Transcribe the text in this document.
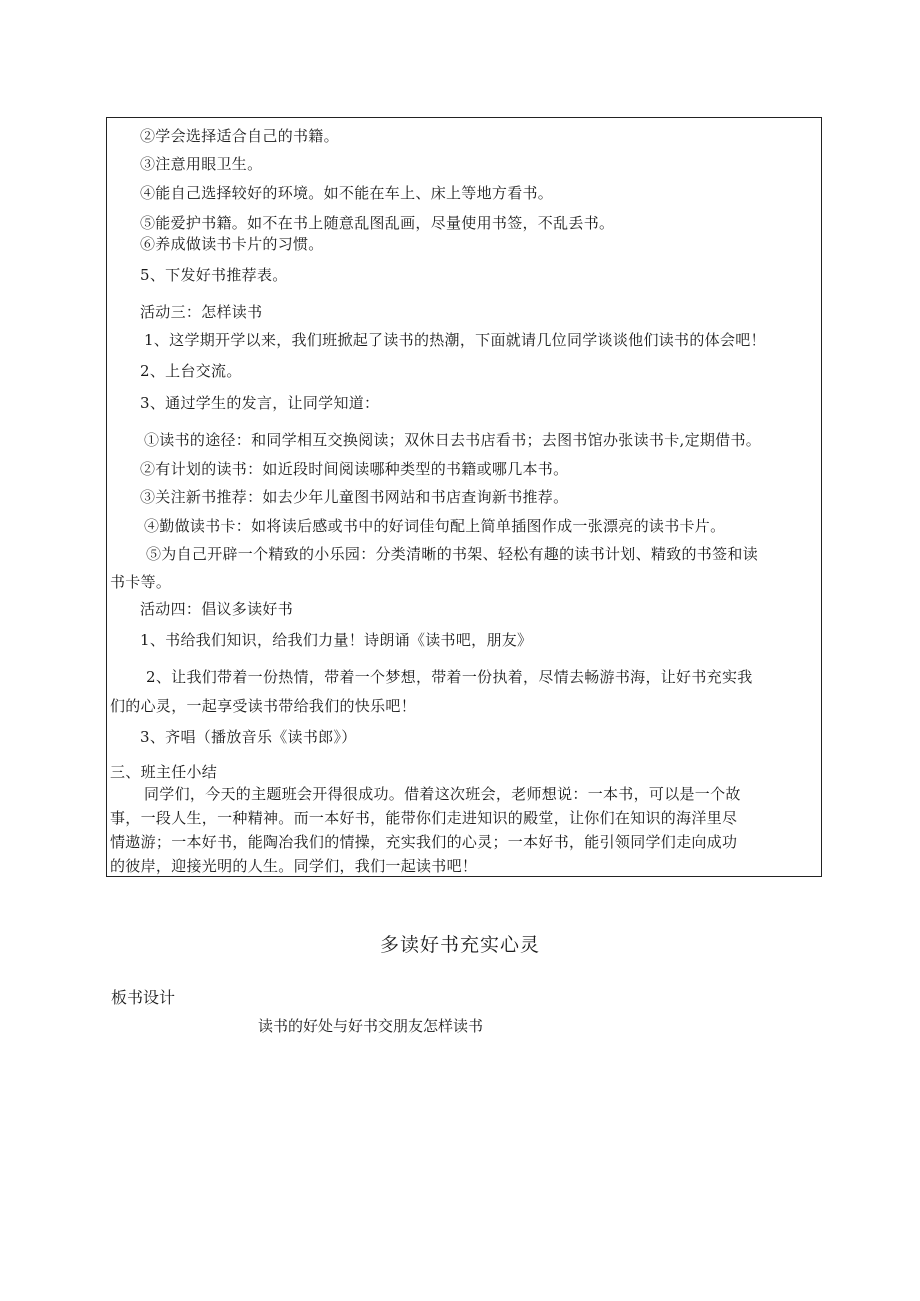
②学会选择适合自己的书籍。
③注意用眼卫生。
④能自己选择较好的环境。如不能在车上、床上等地方看书。
⑤能爱护书籍。如不在书上随意乱图乱画，尽量使用书签，不乱丢书。
⑥养成做读书卡片的习惯。
5、下发好书推荐表。
活动三：怎样读书
1、这学期开学以来，我们班掀起了读书的热潮，下面就请几位同学谈谈他们读书的体会吧！
2、上台交流。
3、通过学生的发言，让同学知道：
①读书的途径：和同学相互交换阅读；双休日去书店看书；去图书馆办张读书卡,定期借书。
②有计划的读书：如近段时间阅读哪种类型的书籍或哪几本书。
③关注新书推荐：如去少年儿童图书网站和书店查询新书推荐。
④勤做读书卡：如将读后感或书中的好词佳句配上简单插图作成一张漂亮的读书卡片。
⑤为自己开辟一个精致的小乐园：分类清晰的书架、轻松有趣的读书计划、精致的书签和读
书卡等。
活动四：倡议多读好书
1、书给我们知识，给我们力量！诗朗诵《读书吧，朋友》
2、让我们带着一份热情，带着一个梦想，带着一份执着，尽情去畅游书海，让好书充实我
们的心灵，一起享受读书带给我们的快乐吧！
3、齐唱（播放音乐《读书郎》）
三、班主任小结
同学们，今天的主题班会开得很成功。借着这次班会，老师想说：一本书，可以是一个故
事，一段人生，一种精神。而一本好书，能带你们走进知识的殿堂，让你们在知识的海洋里尽
情遨游；一本好书，能陶冶我们的情操，充实我们的心灵；一本好书，能引领同学们走向成功
的彼岸，迎接光明的人生。同学们，我们一起读书吧！
多读好书充实心灵
板书设计
读书的好处与好书交朋友怎样读书
